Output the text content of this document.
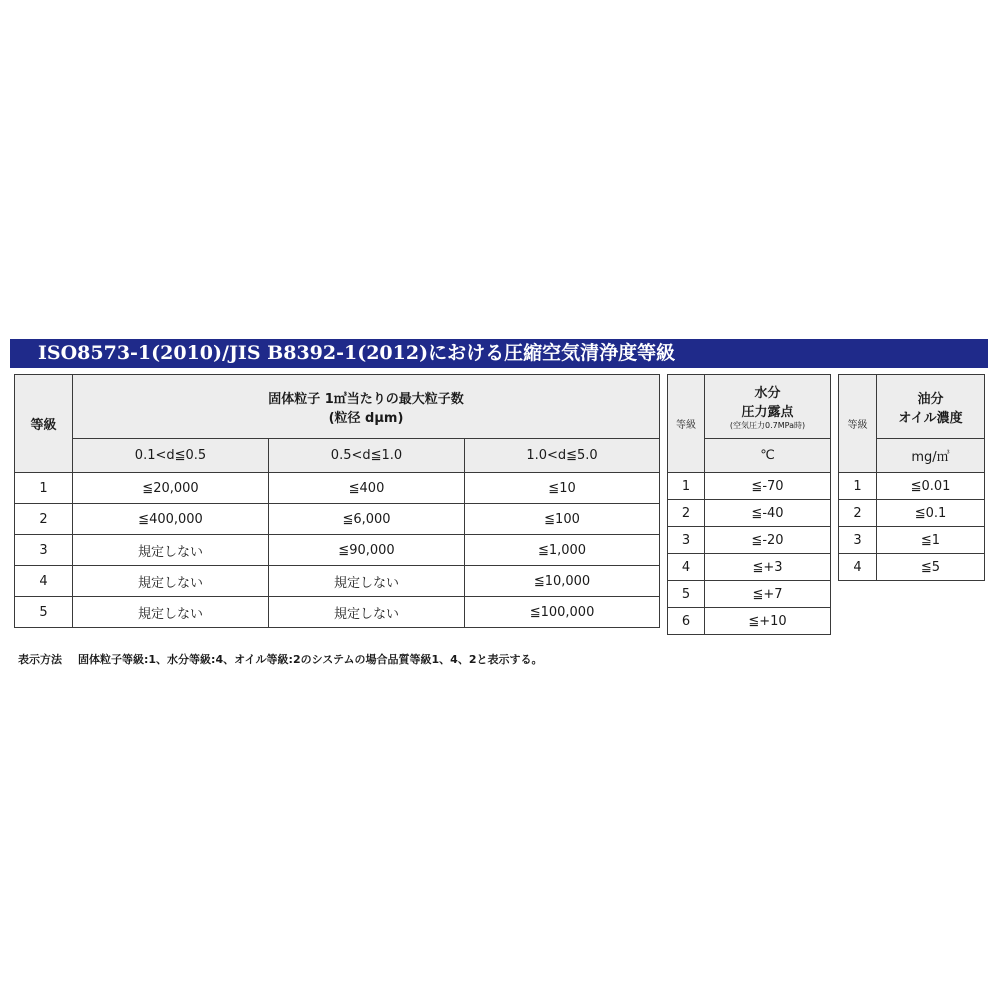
ISO8573-1(2010)/JIS B8392-1(2012)における圧縮空気清浄度等級
等級	固体粒子 1㎥当たりの最大粒子数
(粒径 dμm)		

	0.1<d≦0.5	0.5<d≦1.0	1.0<d≦5.0
1	≦20,000	≦400	≦10
2	≦400,000	≦6,000	≦100
3	規定しない	≦90,000	≦1,000
4	規定しない	規定しない	≦10,000
5	規定しない	規定しない	≦100,000
等級	水分
圧力露点
(空気圧力0.7MPa時)

	℃
1	≦-70
2	≦-40
3	≦-20
4	≦+3
5	≦+7
6	≦+10
等級	油分
オイル濃度

	mg/㎥
1	≦0.01
2	≦0.1
3	≦1
4	≦5
表示方法 固体粒子等級:1、水分等級:4、オイル等級:2のシステムの場合品質等級1、4、2と表示する。
